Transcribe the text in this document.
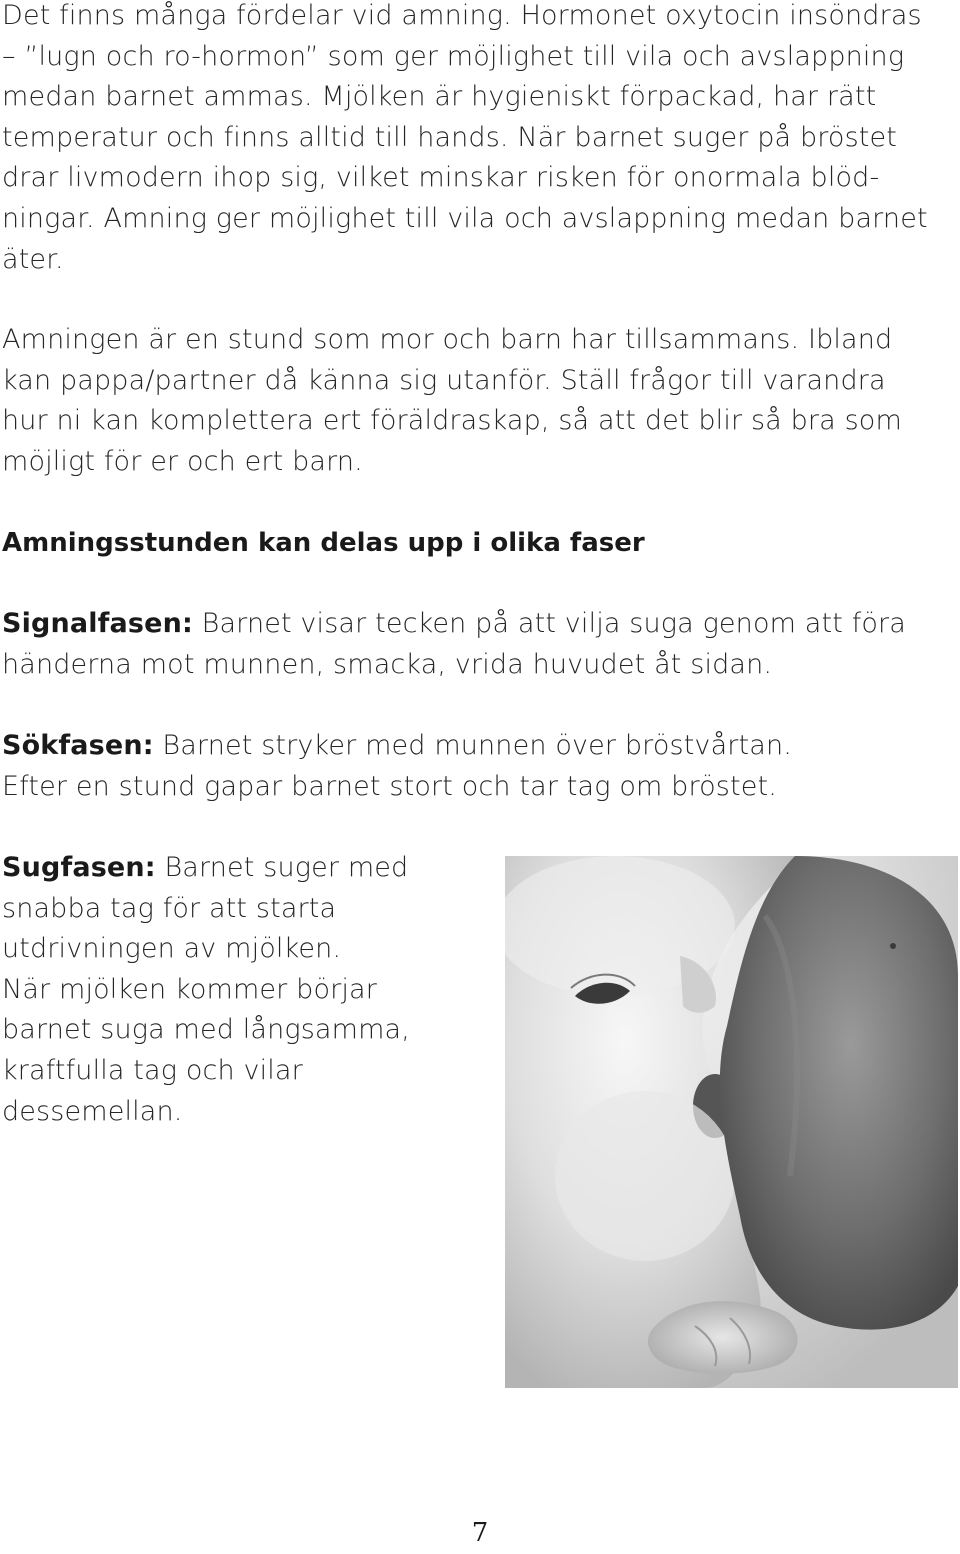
Det finns många fördelar vid amning. Hormonet oxytocin insöndras
– ”lugn och ro-hormon” som ger möjlighet till vila och avslappning
medan barnet ammas. Mjölken är hygieniskt förpackad, har rätt
temperatur och finns alltid till hands. När barnet suger på bröstet
drar livmodern ihop sig, vilket minskar risken för onormala blöd-
ningar. Amning ger möjlighet till vila och avslappning medan barnet
äter.

Amningen är en stund som mor och barn har tillsammans. Ibland
kan pappa/partner då känna sig utanför. Ställ frågor till varandra
hur ni kan komplettera ert föräldraskap, så att det blir så bra som
möjligt för er och ert barn.

Amningsstunden kan delas upp i olika faser

Signalfasen: Barnet visar tecken på att vilja suga genom att föra
händerna mot munnen, smacka, vrida huvudet åt sidan.

Sökfasen: Barnet stryker med munnen över bröstvårtan.
Efter en stund gapar barnet stort och tar tag om bröstet.

Sugfasen: Barnet suger med
snabba tag för att starta
utdrivningen av mjölken.
När mjölken kommer börjar
barnet suga med långsamma,
kraftfulla tag och vilar
dessemellan.

7
